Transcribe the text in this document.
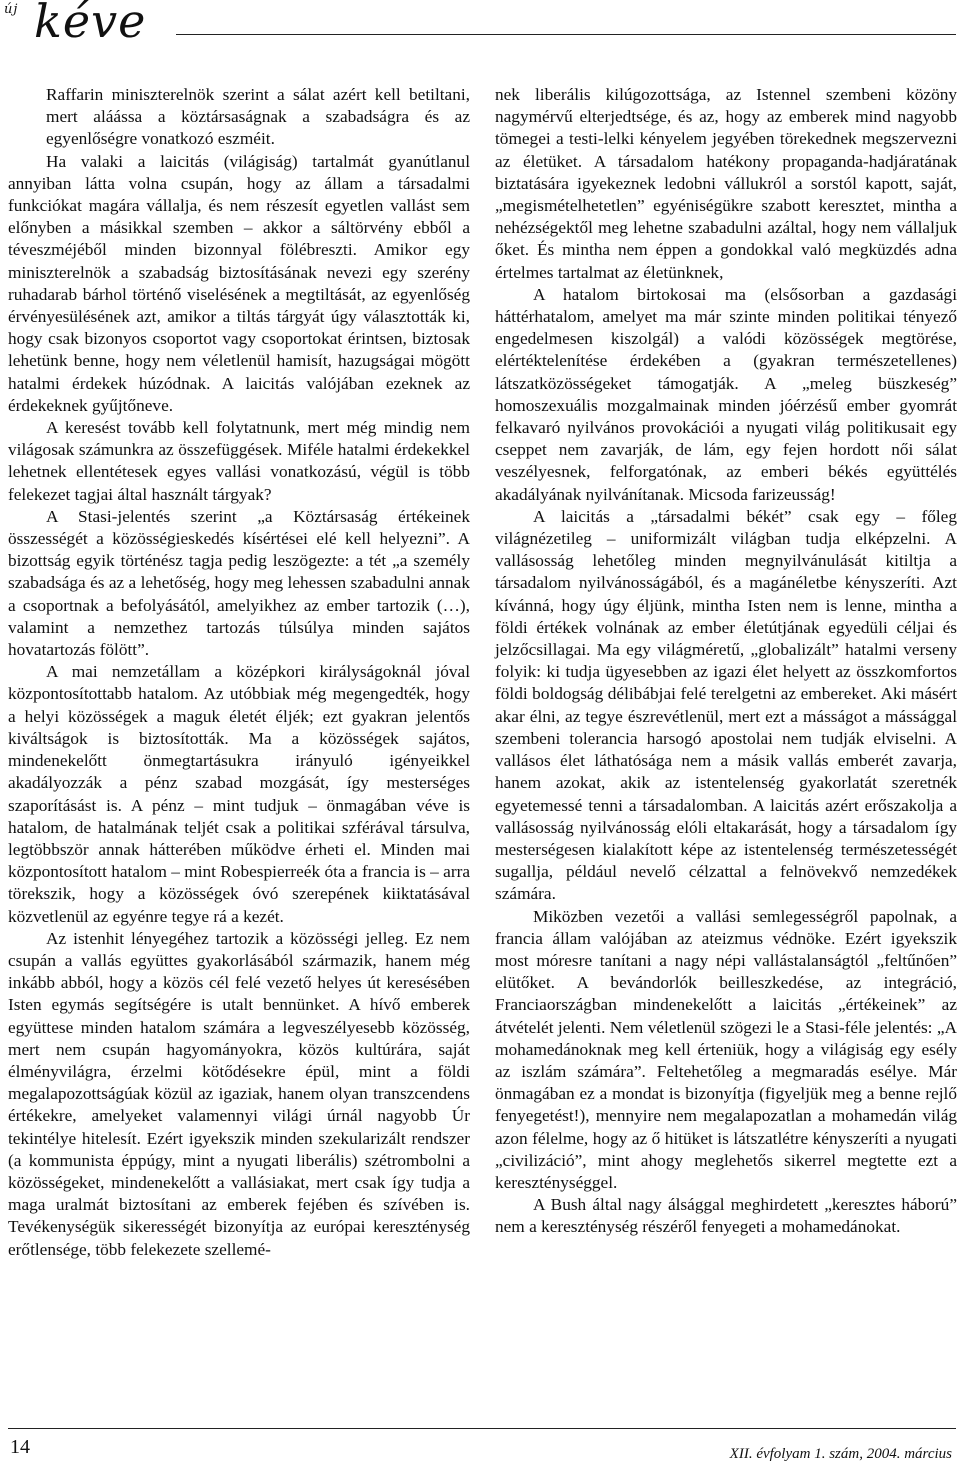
új kéve

Raffarin miniszterelnök szerint a sálat azért kell betiltani, mert aláássa a köztársaságnak a szabadságra és az egyenlőségre vonatkozó eszméit.

Ha valaki a laicitás (világiság) tartalmát gyanútlanul annyiban látta volna csupán, hogy az állam a társadalmi funkciókat magára vállalja, és nem részesít egyetlen vallást sem előnyben a másikkal szemben – akkor a sáltörvény ebből a téveszméjéből minden bizonnyal fölébreszti. Amikor egy miniszterelnök a szabadság biztosításának nevezi egy szerény ruhadarab bárhol történő viselésének a megtiltását, az egyenlőség érvényesülésének azt, amikor a tiltás tárgyát úgy választották ki, hogy csak bizonyos csoportot vagy csoportokat érintsen, biztosak lehetünk benne, hogy nem véletlenül hamisít, hazugságai mögött hatalmi érdekek húzódnak. A laicitás valójában ezeknek az érdekeknek gyűjtőneve.

A keresést tovább kell folytatnunk, mert még mindig nem világosak számunkra az összefüggések. Miféle hatalmi érdekekkel lehetnek ellentétesek egyes vallási vonatkozású, végül is több felekezet tagjai által használt tárgyak?

A Stasi-jelentés szerint „a Köztársaság értékeinek összességét a közösségieskedés kísértései elé kell helyezni”. A bizottság egyik történész tagja pedig leszögezte: a tét „a személy szabadsága és az a lehetőség, hogy meg lehessen szabadulni annak a csoportnak a befolyásától, amelyikhez az ember tartozik (…), valamint a nemzethez tartozás túlsúlya minden sajátos hovatartozás fölött”.

A mai nemzetállam a középkori királyságoknál jóval központosítottabb hatalom. Az utóbbiak még megengedték, hogy a helyi közösségek a maguk életét éljék; ezt gyakran jelentős kiváltságok is biztosították. Ma a közösségek sajátos, mindenekelőtt önmegtartásukra irányuló igényeikkel akadályozzák a pénz szabad mozgását, így mesterséges szaporításást is. A pénz – mint tudjuk – önmagában véve is hatalom, de hatalmának teljét csak a politikai szférával társulva, legtöbbször annak hátterében működve érheti el. Minden mai központosított hatalom – mint Robespierreék óta a francia is – arra törekszik, hogy a közösségek óvó szerepének kiiktatásával közvetlenül az egyénre tegye rá a kezét.

Az istenhit lényegéhez tartozik a közösségi jelleg. Ez nem csupán a vallás együttes gyakorlásából származik, hanem még inkább abból, hogy a közös cél felé vezető helyes út keresésében Isten egymás segítségére is utalt bennünket. A hívő emberek együttese minden hatalom számára a legveszélyesebb közösség, mert nem csupán hagyományokra, közös kultúrára, saját élményvilágra, érzelmi kötődésekre épül, mint a földi megalapozottságúak közül az igaziak, hanem olyan transzcendens értékekre, amelyeket valamennyi világi úrnál nagyobb Úr tekintélye hitelesít. Ezért igyekszik minden szekularizált rendszer (a kommunista éppúgy, mint a nyugati liberális) szétrombolni a közösségeket, mindenekelőtt a vallásiakat, mert csak így tudja a maga uralmát biztosítani az emberek fejében és szívében is. Tevékenységük sikerességét bizonyítja az európai kereszténység erőtlensége, több felekezete szellemé-

nek liberális kilúgozottsága, az Istennel szembeni közöny nagymérvű elterjedtsége, és az, hogy az emberek mind nagyobb tömegei a testi-lelki kényelem jegyében törekednek megszervezni az életüket. A társadalom hatékony propaganda-hadjáratának biztatására igyekeznek ledobni vállukról a sorstól kapott, saját, „megismételhetetlen” egyéniségükre szabott keresztet, mintha a nehézségektől meg lehetne szabadulni azáltal, hogy nem vállaljuk őket. És mintha nem éppen a gondokkal való megküzdés adna értelmes tartalmat az életünknek,

A hatalom birtokosai ma (elsősorban a gazdasági háttérhatalom, amelyet ma már szinte minden politikai tényező engedelmesen kiszolgál) a valódi közösségek megtörése, elértéktelenítése érdekében a (gyakran természetellenes) látszatközösségeket támogatják. A „meleg büszkeség” homoszexuális mozgalmainak minden jóérzésű ember gyomrát felkavaró nyilvános provokációi a nyugati világ politikusait egy cseppet nem zavarják, de lám, egy fejen hordott női sálat veszélyesnek, felforgatónak, az emberi békés együttélés akadályának nyilvánítanak. Micsoda farizeusság!

A laicitás a „társadalmi békét” csak egy – főleg világnézetileg – uniformizált világban tudja elképzelni. A vallásosság lehetőleg minden megnyilvánulását kitiltja a társadalom nyilvánosságából, és a magánéletbe kényszeríti. Azt kívánná, hogy úgy éljünk, mintha Isten nem is lenne, mintha a földi értékek volnának az ember életútjának egyedüli céljai és jelzőcsillagai. Ma egy világméretű, „globalizált” hatalmi verseny folyik: ki tudja ügyesebben az igazi élet helyett az összkomfortos földi boldogság délibábjai felé terelgetni az embereket. Aki másért akar élni, az tegye észrevétlenül, mert ezt a másságot a mássággal szembeni tolerancia harsogó apostolai nem tudják elviselni. A vallásos élet láthatósága nem a másik vallás emberét zavarja, hanem azokat, akik az istentelenség gyakorlatát szeretnék egyetemessé tenni a társadalomban. A laicitás azért erőszakolja a vallásosság nyilvánosság elóli eltakarását, hogy a társadalom így mesterségesen kialakított képe az istentelenség természetességét sugallja, például nevelő célzattal a felnövekvő nemzedékek számára.

Miközben vezetői a vallási semlegességről papolnak, a francia állam valójában az ateizmus védnöke. Ezért igyekszik most móresre tanítani a nagy népi vallástalanságtól „feltűnően” elütőket. A bevándorlók beilleszkedése, az integráció, Franciaországban mindenekelőtt a laicitás „értékeinek” az átvételét jelenti. Nem véletlenül szögezi le a Stasi-féle jelentés: „A mohamedánoknak meg kell érteniük, hogy a világiság egy esély az iszlám számára”. Feltehetőleg a megmaradás esélye. Már önmagában ez a mondat is bizonyítja (figyeljük meg a benne rejlő fenyegetést!), mennyire nem megalapozatlan a mohamedán világ azon félelme, hogy az ő hitüket is látszatlétre kényszeríti a nyugati „civilizáció”, mint ahogy meglehetős sikerrel megtette ezt a kereszténységgel.

A Bush által nagy álsággal meghirdetett „keresztes háború” nem a kereszténység részéről fenyegeti a mohamedánokat.

14	XII. évfolyam 1. szám, 2004. március
